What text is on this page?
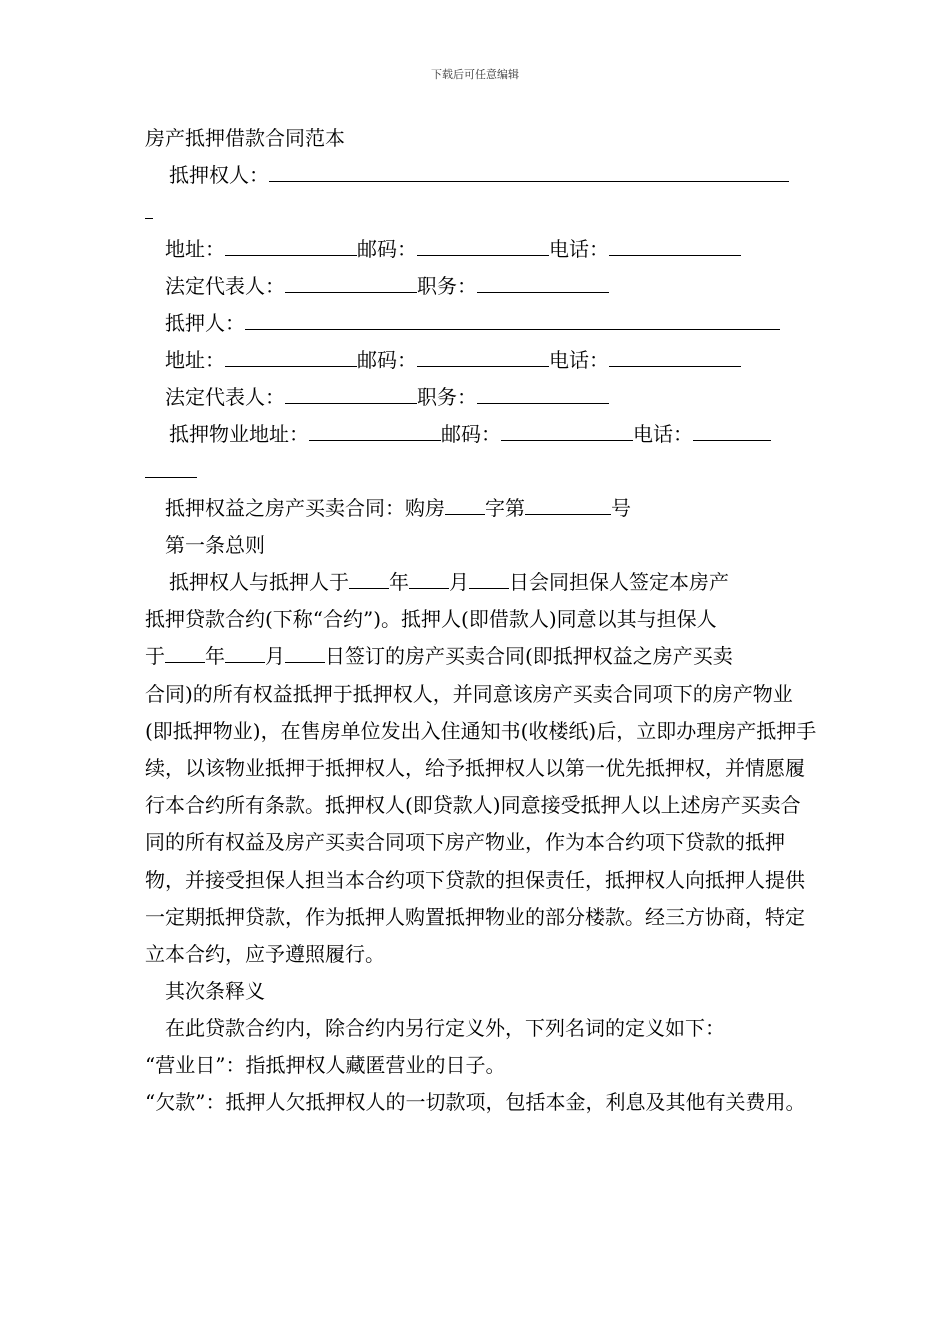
下载后可任意编辑
房产抵押借款合同范本
抵押权人：
地址：	邮码：	电话：
法定代表人：	职务：
抵押人：
地址：	邮码：	电话：
法定代表人：	职务：
抵押物业地址：	邮码：	电话：
抵押权益之房产买卖合同：购房 字第	号
第一条总则
抵押权人与抵押人于 年 月 日会同担保人签定本房产
抵押贷款合约(下称“合约”)。抵押人(即借款人)同意以其与担保人
于 年 月 日签订的房产买卖合同(即抵押权益之房产买卖
合同)的所有权益抵押于抵押权人，并同意该房产买卖合同项下的房产物业(即抵押物业)，在售房单位发出入住通知书(收楼纸)后，立即办理房产抵押手续，以该物业抵押于抵押权人，给予抵押权人以第一优先抵押权，并情愿履行本合约所有条款。抵押权人(即贷款人)同意接受抵押人以上述房产买卖合同的所有权益及房产买卖合同项下房产物业，作为本合约项下贷款的抵押物，并接受担保人担当本合约项下贷款的担保责任，抵押权人向抵押人提供一定期抵押贷款，作为抵押人购置抵押物业的部分楼款。经三方协商，特定立本合约，应予遵照履行。
其次条释义
在此贷款合约内，除合约内另行定义外，下列名词的定义如下：
“营业日”：指抵押权人藏匿营业的日子。
“欠款”：抵押人欠抵押权人的一切款项，包括本金，利息及其他有关费用。
